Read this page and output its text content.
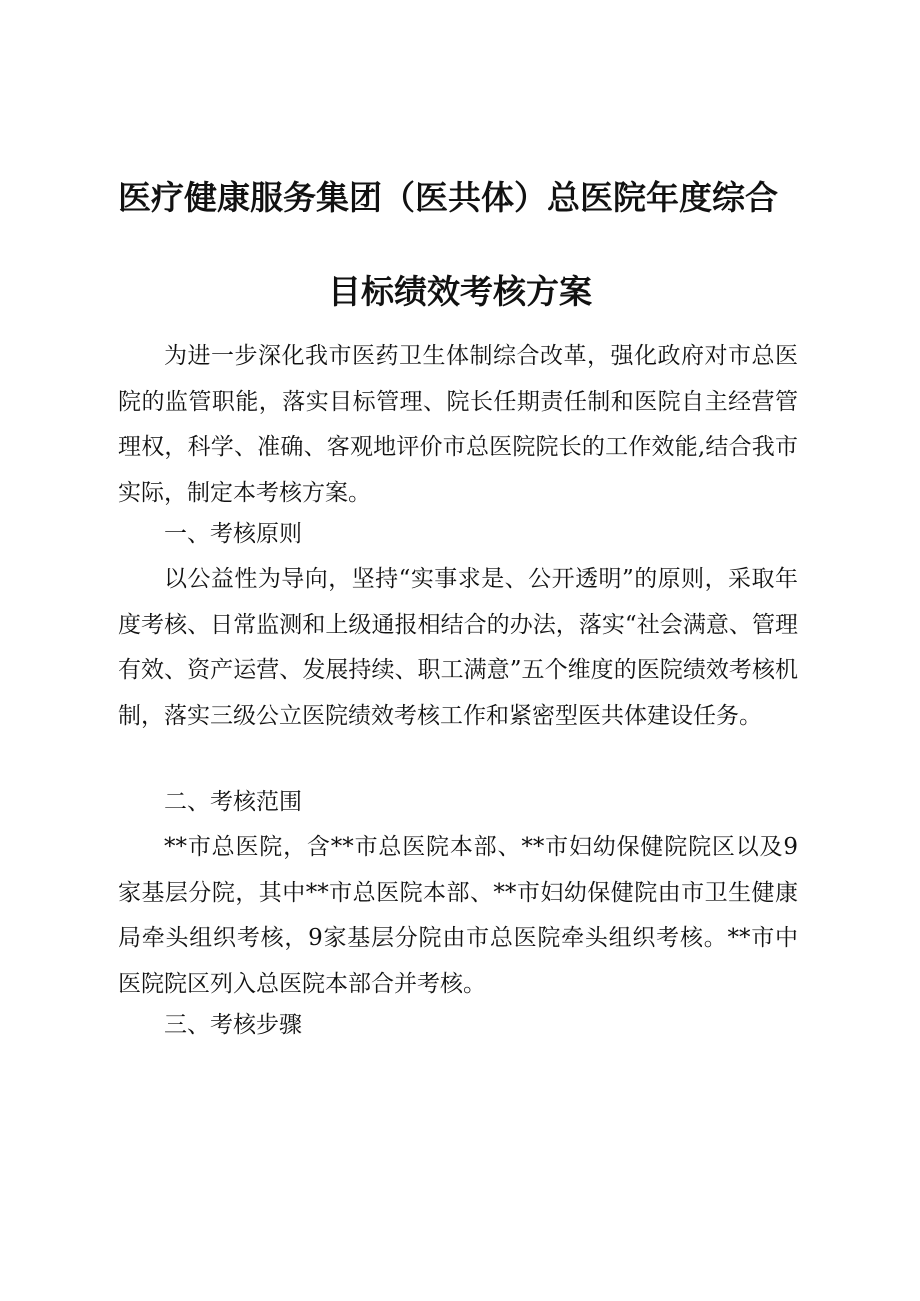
医疗健康服务集团（医共体）总医院年度综合
目标绩效考核方案

为进一步深化我市医药卫生体制综合改革，强化政府对市总医院的监管职能，落实目标管理、院长任期责任制和医院自主经营管理权，科学、准确、客观地评价市总医院院长的工作效能,结合我市实际，制定本考核方案。

一、考核原则

以公益性为导向，坚持“实事求是、公开透明”的原则，采取年度考核、日常监测和上级通报相结合的办法，落实“社会满意、管理有效、资产运营、发展持续、职工满意”五个维度的医院绩效考核机制，落实三级公立医院绩效考核工作和紧密型医共体建设任务。

二、考核范围

**市总医院，含**市总医院本部、**市妇幼保健院院区以及9家基层分院，其中**市总医院本部、**市妇幼保健院由市卫生健康局牵头组织考核，9家基层分院由市总医院牵头组织考核。**市中医院院区列入总医院本部合并考核。

三、考核步骤
